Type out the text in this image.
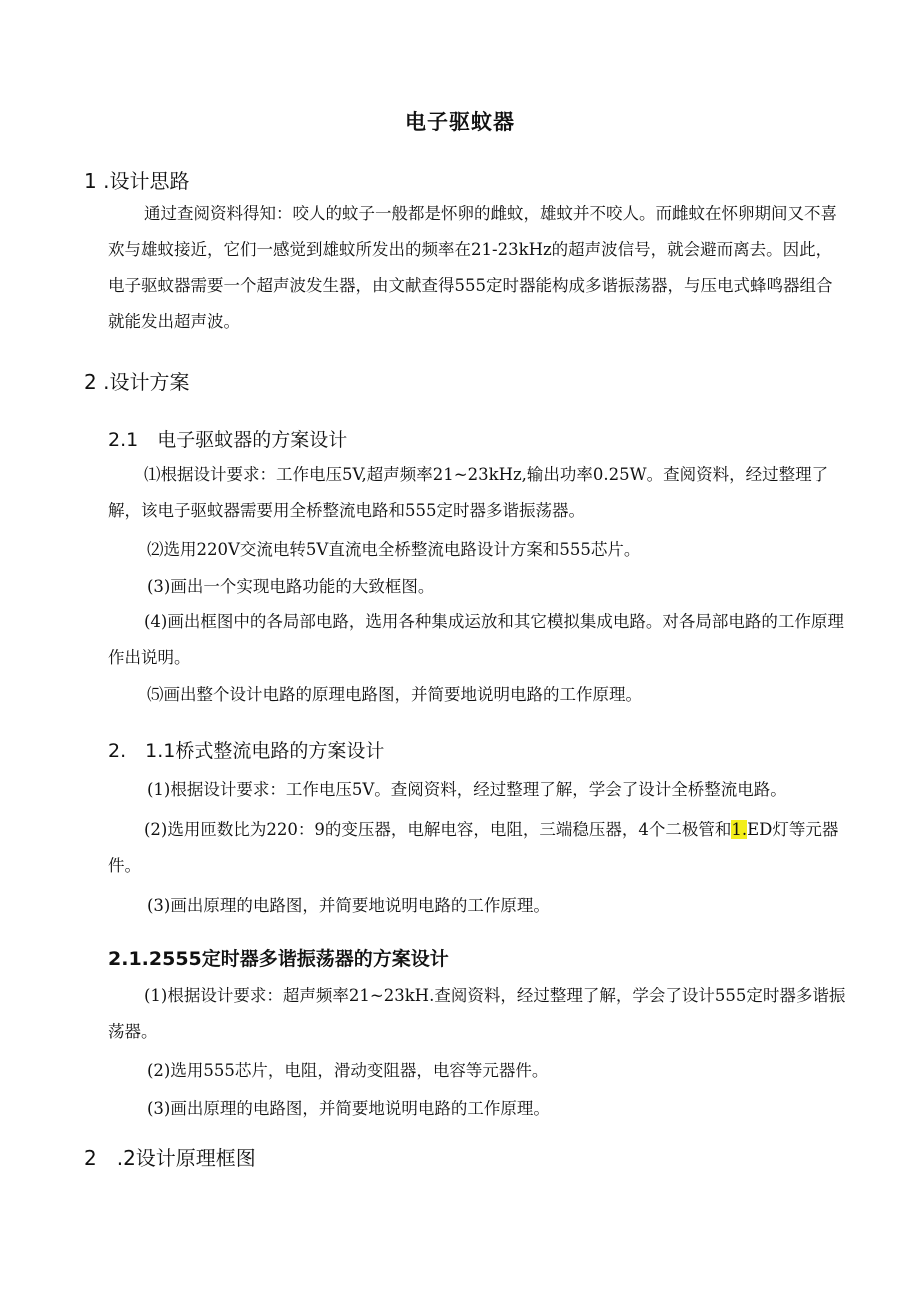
电子驱蚊器
1 .设计思路
通过查阅资料得知：咬人的蚊子一般都是怀卵的雌蚊，雄蚊并不咬人。而雌蚊在怀卵期间又不喜欢与雄蚊接近，它们一感觉到雄蚊所发出的频率在21-23kHz的超声波信号，就会避而离去。因此，电子驱蚊器需要一个超声波发生器，由文献查得555定时器能构成多谐振荡器，与压电式蜂鸣器组合就能发出超声波。
2 .设计方案
2.1　电子驱蚊器的方案设计
⑴根据设计要求：工作电压5V,超声频率21~23kHz,输出功率0.25W。查阅资料，经过整理了解，该电子驱蚊器需要用全桥整流电路和555定时器多谐振荡器。
⑵选用220V交流电转5V直流电全桥整流电路设计方案和555芯片。
(3)画出一个实现电路功能的大致框图。
(4)画出框图中的各局部电路，选用各种集成运放和其它模拟集成电路。对各局部电路的工作原理作出说明。
⑸画出整个设计电路的原理电路图，并简要地说明电路的工作原理。
2.　1.1桥式整流电路的方案设计
(1)根据设计要求：工作电压5V。查阅资料，经过整理了解，学会了设计全桥整流电路。
(2)选用匝数比为220：9的变压器，电解电容，电阻，三端稳压器，4个二极管和1.ED灯等元器件。
(3)画出原理的电路图，并简要地说明电路的工作原理。
2.1.2555定时器多谐振荡器的方案设计
(1)根据设计要求：超声频率21~23kH.查阅资料，经过整理了解，学会了设计555定时器多谐振荡器。
(2)选用555芯片，电阻，滑动变阻器，电容等元器件。
(3)画出原理的电路图，并简要地说明电路的工作原理。
2　.2设计原理框图
